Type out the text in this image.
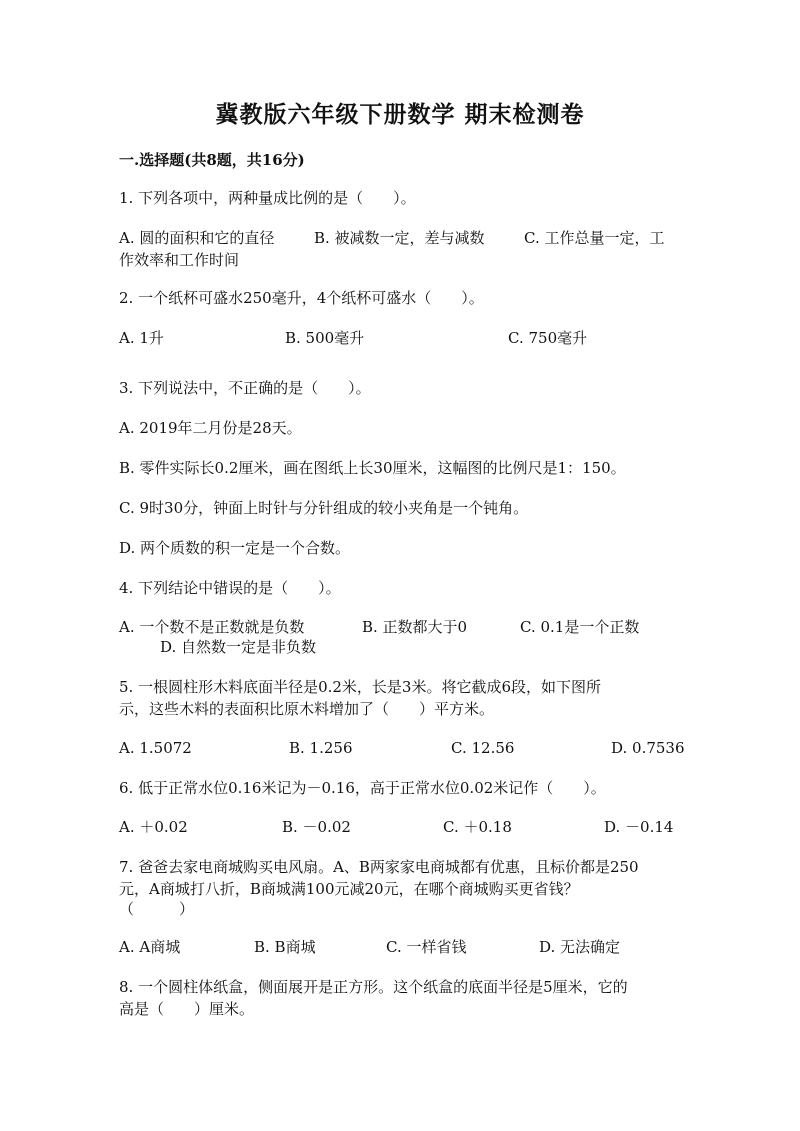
冀教版六年级下册数学 期末检测卷
一.选择题(共8题，共16分)
1. 下列各项中，两种量成比例的是（　　）。
A. 圆的面积和它的直径	B. 被减数一定，差与减数	C. 工作总量一定，工
作效率和工作时间
2. 一个纸杯可盛水250毫升，4个纸杯可盛水（　　）。
A. 1升	B. 500毫升	C. 750毫升
3. 下列说法中，不正确的是（　　）。
A. 2019年二月份是28天。
B. 零件实际长0.2厘米，画在图纸上长30厘米，这幅图的比例尺是1：150。
C. 9时30分，钟面上时针与分针组成的较小夹角是一个钝角。
D. 两个质数的积一定是一个合数。
4. 下列结论中错误的是（　　）。
A. 一个数不是正数就是负数	B. 正数都大于0	C. 0.1是一个正数
D. 自然数一定是非负数
5. 一根圆柱形木料底面半径是0.2米，长是3米。将它截成6段，如下图所
示，这些木料的表面积比原木料增加了（　　）平方米。
A. 1.5072	B. 1.256	C. 12.56	D. 0.7536
6. 低于正常水位0.16米记为－0.16，高于正常水位0.02米记作（　　）。
A. ＋0.02	B. －0.02	C. ＋0.18	D. －0.14
7. 爸爸去家电商城购买电风扇。A、B两家家电商城都有优惠，且标价都是250
元，A商城打八折，B商城满100元减20元，在哪个商城购买更省钱？
（　　　）
A. A商城	B. B商城	C. 一样省钱	D. 无法确定
8. 一个圆柱体纸盒，侧面展开是正方形。这个纸盒的底面半径是5厘米，它的
高是（　　）厘米。
